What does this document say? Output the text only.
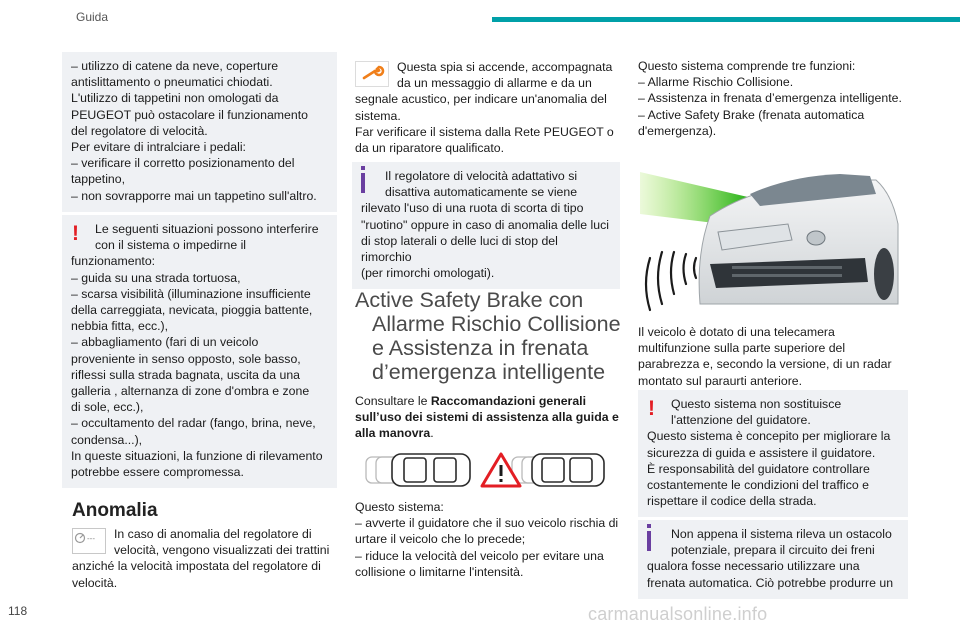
Guida
– utilizzo di catene da neve, coperture
antislittamento o pneumatici chiodati.
L'utilizzo di tappetini non omologati da
PEUGEOT può ostacolare il funzionamento
del regolatore di velocità.
Per evitare di intralciare i pedali:
– verificare il corretto posizionamento del
tappetino,
– non sovrapporre mai un tappetino sull'altro.
! Le seguenti situazioni possono interferire
con il sistema o impedirne il
funzionamento:
– guida su una strada tortuosa,
– scarsa visibilità (illuminazione insufficiente
della carreggiata, nevicata, pioggia battente,
nebbia fitta, ecc.),
– abbagliamento (fari di un veicolo
proveniente in senso opposto, sole basso,
riflessi sulla strada bagnata, uscita da una
galleria , alternanza di zone d'ombra e zone
di sole, ecc.),
– occultamento del radar (fango, brina, neve,
condensa...),
In queste situazioni, la funzione di rilevamento
potrebbe essere compromessa.
Anomalia
---	In caso di anomalia del regolatore di
velocità, vengono visualizzati dei trattini
anziché la velocità impostata del regolatore di
velocità.
Questa spia si accende, accompagnata
da un messaggio di allarme e da un
segnale acustico, per indicare un'anomalia del
sistema.
Far verificare il sistema dalla Rete PEUGEOT o
da un riparatore qualificato.
Il regolatore di velocità adattativo si
disattiva automaticamente se viene
rilevato l'uso di una ruota di scorta di tipo
"ruotino" oppure in caso di anomalia delle luci
di stop laterali o delle luci di stop del rimorchio
(per rimorchi omologati).
Active Safety Brake con
Allarme Rischio Collisione
e Assistenza in frenata
d’emergenza intelligente
Consultare le Raccomandazioni generali
sull’uso dei sistemi di assistenza alla guida e
alla manovra.
Questo sistema:
– avverte il guidatore che il suo veicolo rischia di
urtare il veicolo che lo precede;
– riduce la velocità del veicolo per evitare una
collisione o limitarne l'intensità.
Questo sistema comprende tre funzioni:
– Allarme Rischio Collisione.
– Assistenza in frenata d’emergenza intelligente.
– Active Safety Brake (frenata automatica
d'emergenza).
Il veicolo è dotato di una telecamera
multifunzione sulla parte superiore del
parabrezza e, secondo la versione, di un radar
montato sul paraurti anteriore.
! Questo sistema non sostituisce
l'attenzione del guidatore.
Questo sistema è concepito per migliorare la
sicurezza di guida e assistere il guidatore.
È responsabilità del guidatore controllare
costantemente le condizioni del traffico e
rispettare il codice della strada.
Non appena il sistema rileva un ostacolo
potenziale, prepara il circuito dei freni
qualora fosse necessario utilizzare una
frenata automatica. Ciò potrebbe produrre un
118	carmanualsonline.info
